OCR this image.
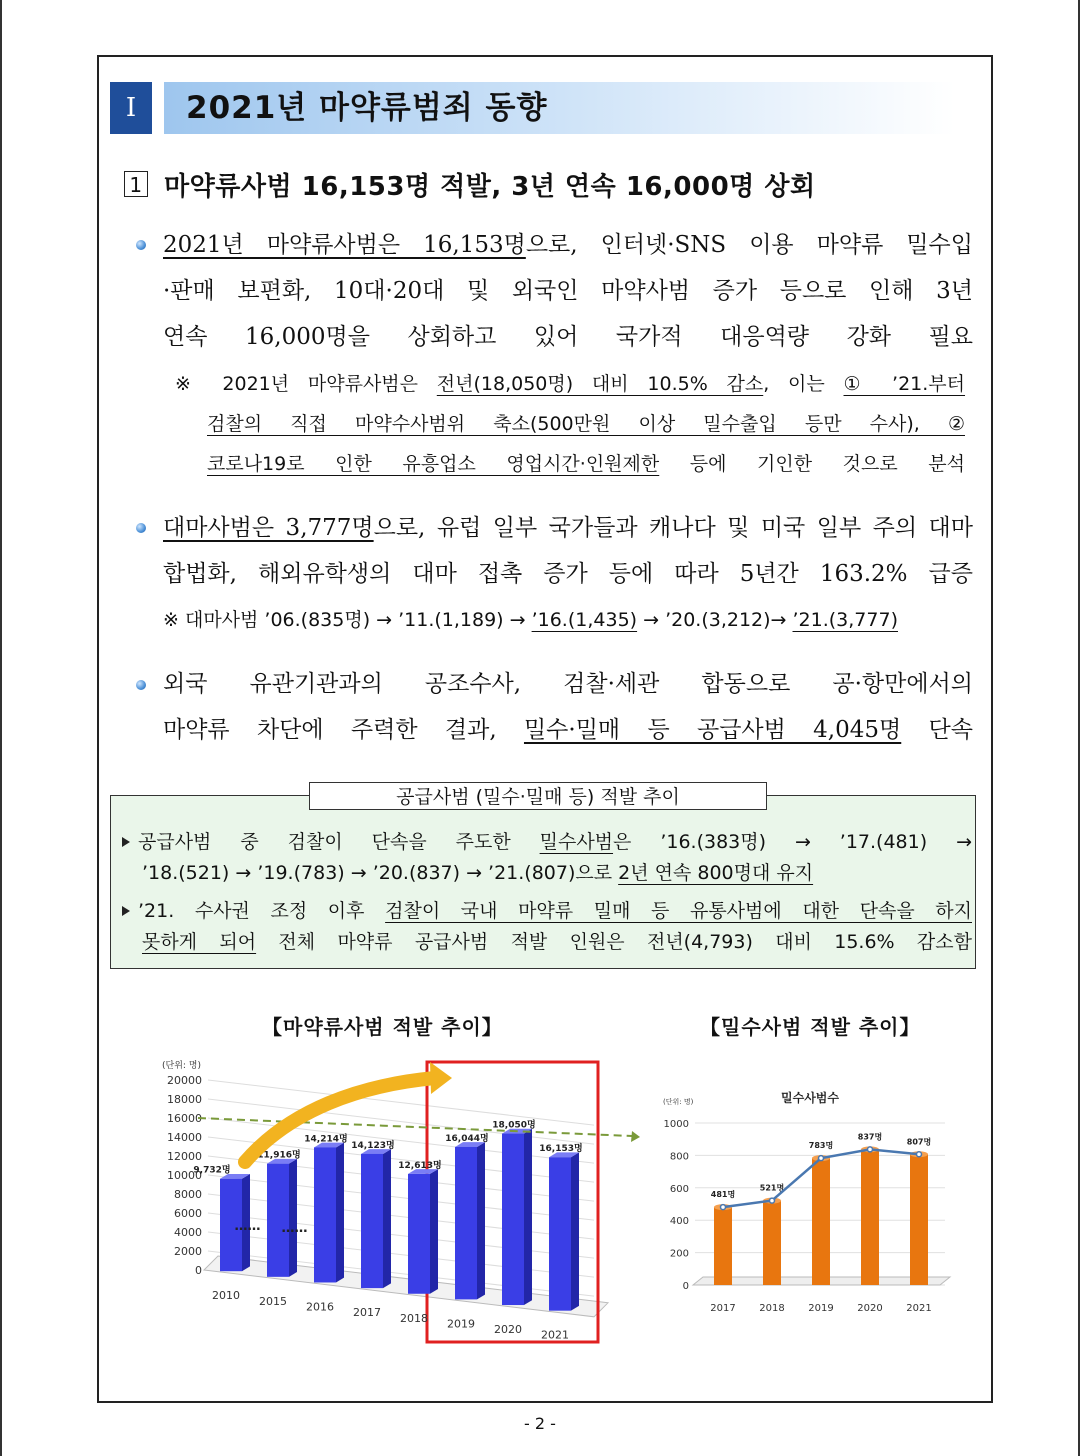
Ⅰ	2021년 마약류범죄 동향
1 마약류사범 16,153명 적발, 3년 연속 16,000명 상회
2021년 마약류사범은 16,153명으로, 인터넷·SNS 이용 마약류 밀수입
·판매 보편화, 10대·20대 및 외국인 마약사범 증가 등으로 인해 3년
연속 16,000명을 상회하고 있어 국가적 대응역량 강화 필요
※ 2021년 마약류사범은 전년(18,050명) 대비 10.5% 감소, 이는 ① ’21.부터
검찰의 직접 마약수사범위 축소(500만원 이상 밀수출입 등만 수사), ②
코로나19로 인한 유흥업소 영업시간·인원제한 등에 기인한 것으로 분석
대마사범은 3,777명으로, 유럽 일부 국가들과 캐나다 및 미국 일부 주의 대마
합법화, 해외유학생의 대마 접촉 증가 등에 따라 5년간 163.2% 급증
※ 대마사범 ’06.(835명) → ’11.(1,189) → ’16.(1,435) → ’20.(3,212)→ ’21.(3,777)
외국 유관기관과의 공조수사, 검찰·세관 합동으로 공·항만에서의
마약류 차단에 주력한 결과, 밀수·밀매 등 공급사범 4,045명 단속
공급사범 (밀수·밀매 등) 적발 추이
공급사범 중 검찰이 단속을 주도한 밀수사범은 ’16.(383명) → ’17.(481) →
’18.(521) → ’19.(783) → ’20.(837) → ’21.(807)으로 2년 연속 800명대 유지
’21. 수사권 조정 이후 검찰이 국내 마약류 밀매 등 유통사범에 대한 단속을 하지
못하게 되어 전체 마약류 공급사범 적발 인원은 전년(4,793) 대비 15.6% 감소함
【마약류사범 적발 추이】	【밀수사범 적발 추이】
(단위: 명)
20000
18000
16000
14000
12000
10000
8000
6000
4000
2000
0
9,732명
2010
11,916명
2015
14,214명
2016
14,123명
2017
12,613명
2018
16,044명
2019
18,050명
2020
16,153명
2021
…… ……
(단위: 명)	밀수사범수
1000
800
600
400
200
0
481명
2017
521명
2018
783명
2019
837명
2020
807명
2021
- 2 -
